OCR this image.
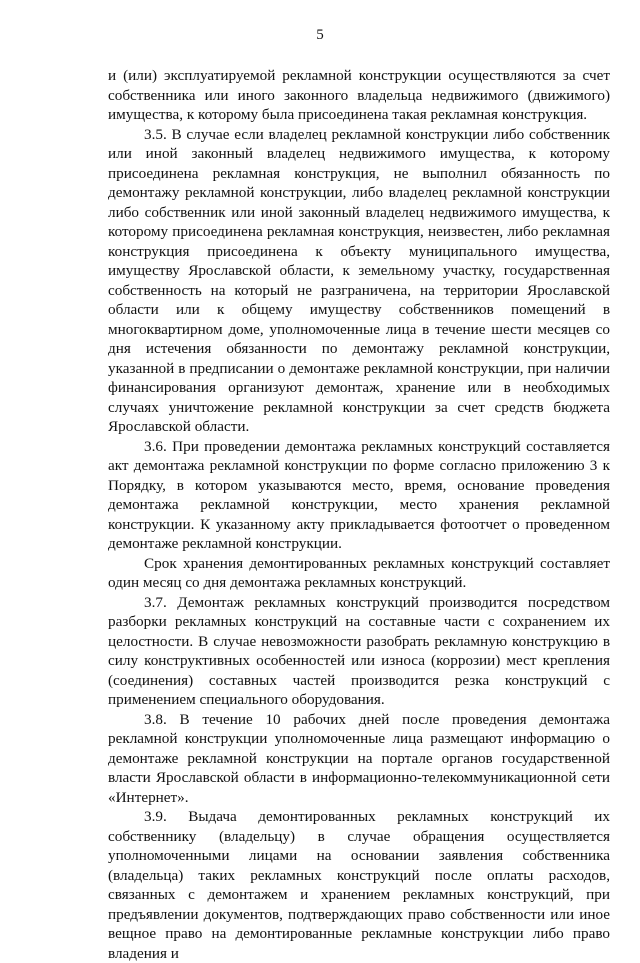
5

и (или) эксплуатируемой рекламной конструкции осуществляются за счет собственника или иного законного владельца недвижимого (движимого) имущества, к которому была присоединена такая рекламная конструкция.

3.5. В случае если владелец рекламной конструкции либо собственник или иной законный владелец недвижимого имущества, к которому присоединена рекламная конструкция, не выполнил обязанность по демонтажу рекламной конструкции, либо владелец рекламной конструкции либо собственник или иной законный владелец недвижимого имущества, к которому присоединена рекламная конструкция, неизвестен, либо рекламная конструкция присоединена к объекту муниципального имущества, имуществу Ярославской области, к земельному участку, государственная собственность на который не разграничена, на территории Ярославской области или к общему имуществу собственников помещений в многоквартирном доме, уполномоченные лица в течение шести месяцев со дня истечения обязанности по демонтажу рекламной конструкции, указанной в предписании о демонтаже рекламной конструкции, при наличии финансирования организуют демонтаж, хранение или в необходимых случаях уничтожение рекламной конструкции за счет средств бюджета Ярославской области.

3.6. При проведении демонтажа рекламных конструкций составляется акт демонтажа рекламной конструкции по форме согласно приложению 3 к Порядку, в котором указываются место, время, основание проведения демонтажа рекламной конструкции, место хранения рекламной конструкции. К указанному акту прикладывается фотоотчет о проведенном демонтаже рекламной конструкции.

Срок хранения демонтированных рекламных конструкций составляет один месяц со дня демонтажа рекламных конструкций.

3.7. Демонтаж рекламных конструкций производится посредством разборки рекламных конструкций на составные части с сохранением их целостности. В случае невозможности разобрать рекламную конструкцию в силу конструктивных особенностей или износа (коррозии) мест крепления (соединения) составных частей производится резка конструкций с применением специального оборудования.

3.8. В течение 10 рабочих дней после проведения демонтажа рекламной конструкции уполномоченные лица размещают информацию о демонтаже рекламной конструкции на портале органов государственной власти Ярославской области в информационно-телекоммуникационной сети «Интернет».

3.9. Выдача демонтированных рекламных конструкций их собственнику (владельцу) в случае обращения осуществляется уполномоченными лицами на основании заявления собственника (владельца) таких рекламных конструкций после оплаты расходов, связанных с демонтажем и хранением рекламных конструкций, при предъявлении документов, подтверждающих право собственности или иное вещное право на демонтированные рекламные конструкции либо право владения и
